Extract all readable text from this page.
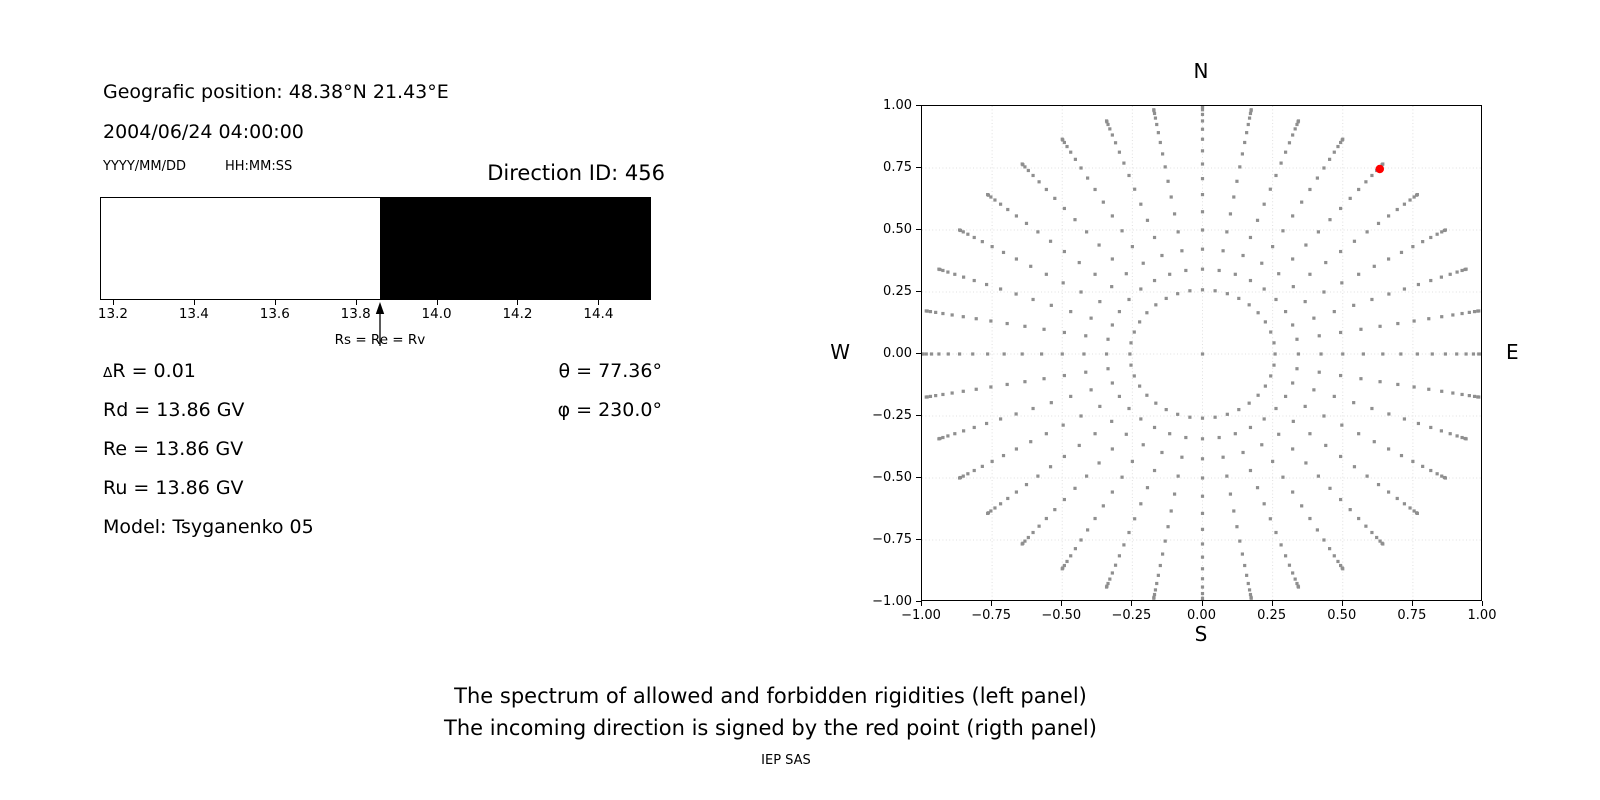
Geografic position: 48.38°N 21.43°E
2004/06/24 04:00:00
YYYY/MM/DD	HH:MM:SS	Direction ID: 456
13.2	13.4	13.6	13.8	14.0	14.2	14.4
Rs = Re = Rv
ΔR = 0.01
Rd = 13.86 GV
Re = 13.86 GV
Ru = 13.86 GV
Model: Tsyganenko 05
θ = 77.36°
φ = 230.0°
−1.00 −0.75 −0.50 −0.25	0.00	0.25	0.50	0.75	1.00
−1.00
−0.75
−0.50
−0.25
0.00
0.25
0.50
0.75
1.00
N
S
W	E
The spectrum of allowed and forbidden rigidities (left panel)
The incoming direction is signed by the red point (rigth panel)
IEP SAS
